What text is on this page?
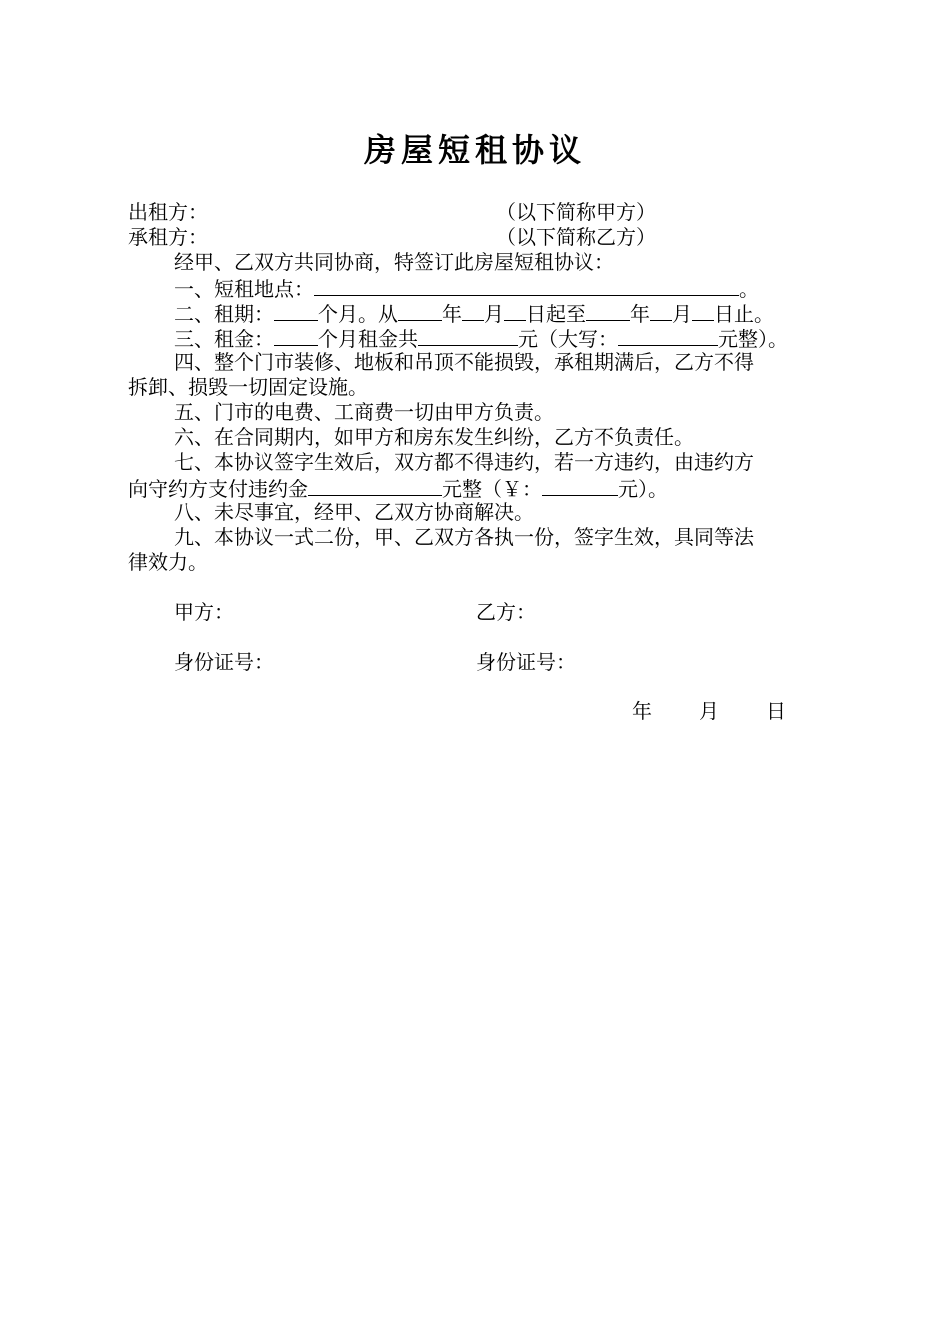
房屋短租协议
出租方：	（以下简称甲方）
承租方：	（以下简称乙方）
经甲、乙双方共同协商，特签订此房屋短租协议：
一、短租地点：	。
二、租期： 个月。从 年 月 日起至 年 月 日止。
三、租金： 个月租金共	元（大写：	元整）。
四、整个门市装修、地板和吊顶不能损毁，承租期满后，乙方不得
拆卸、损毁一切固定设施。
五、门市的电费、工商费一切由甲方负责。
六、在合同期内，如甲方和房东发生纠纷，乙方不负责任。
七、本协议签字生效后，双方都不得违约，若一方违约，由违约方
向守约方支付违约金	元整（￥：	元）。
八、未尽事宜，经甲、乙双方协商解决。
九、本协议一式二份，甲、乙双方各执一份，签字生效，具同等法
律效力。
甲方：	乙方：
身份证号：	身份证号：
年 月 日
